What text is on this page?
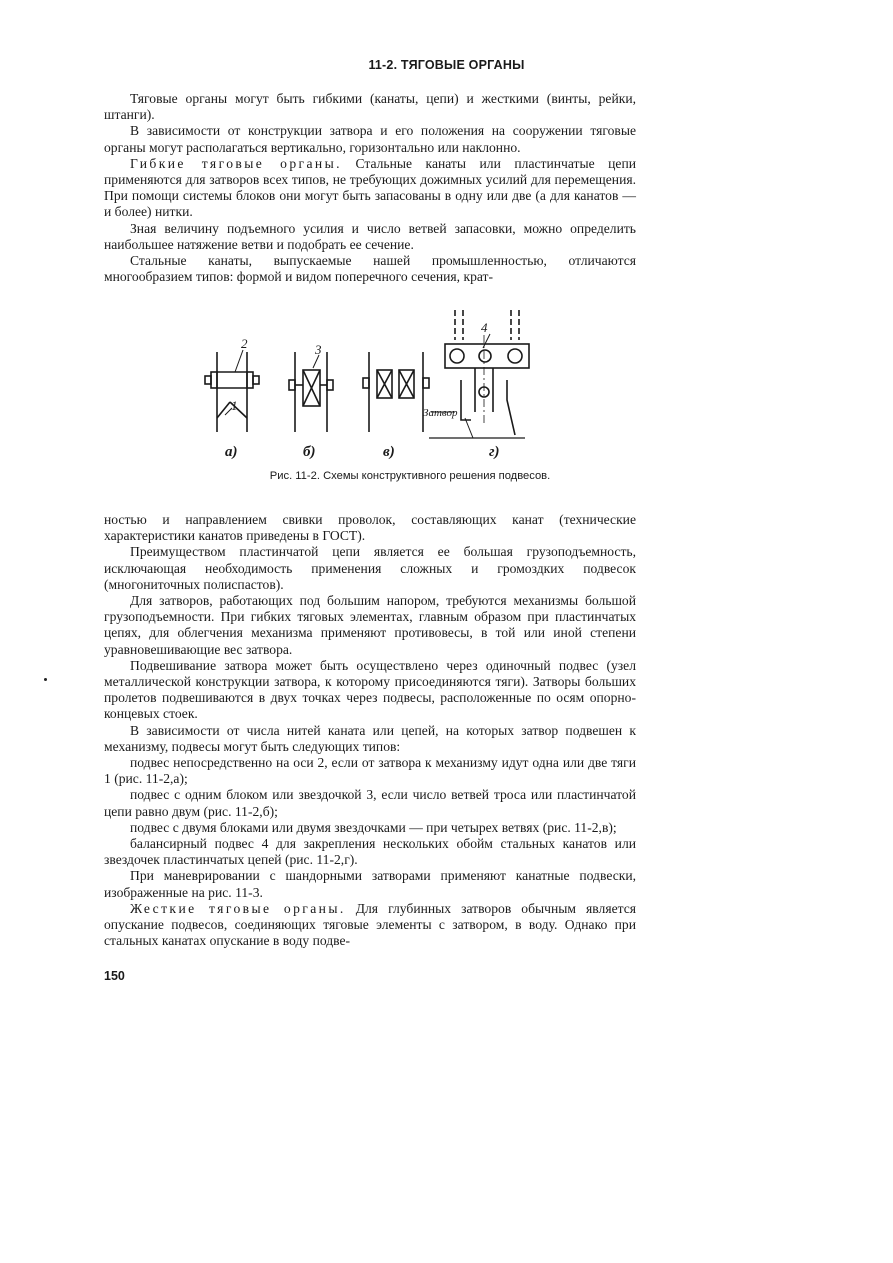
11-2. ТЯГОВЫЕ ОРГАНЫ

Тяговые органы могут быть гибкими (канаты, цепи) и жесткими (винты, рейки, штанги).

В зависимости от конструкции затвора и его положения на сооружении тяговые органы могут располагаться вертикально, горизонтально или наклонно.

Гибкие тяговые органы. Стальные канаты или пластинчатые цепи применяются для затворов всех типов, не требующих дожимных усилий для перемещения. При помощи системы блоков они могут быть запасованы в одну или две (а для канатов — и более) нитки.

Зная величину подъемного усилия и число ветвей запасовки, можно определить наибольшее натяжение ветви и подобрать ее сечение.

Стальные канаты, выпускаемые нашей промышленностью, отличаются многообразием типов: формой и видом поперечного сечения, крат-

2	3
4
1	Затвор
а)	б)	в)	г)
Рис. 11-2. Схемы конструктивного решения подвесов.

ностью и направлением свивки проволок, составляющих канат (технические характеристики канатов приведены в ГОСТ).

Преимуществом пластинчатой цепи является ее большая грузоподъемность, исключающая необходимость применения сложных и громоздких подвесок (многониточных полиспастов).

Для затворов, работающих под большим напором, требуются механизмы большой грузоподъемности. При гибких тяговых элементах, главным образом при пластинчатых цепях, для облегчения механизма применяют противовесы, в той или иной степени уравновешивающие вес затвора.

Подвешивание затвора может быть осуществлено через одиночный подвес (узел металлической конструкции затвора, к которому присоединяются тяги). Затворы больших пролетов подвешиваются в двух точках через подвесы, расположенные по осям опорно-концевых стоек.

В зависимости от числа нитей каната или цепей, на которых затвор подвешен к механизму, подвесы могут быть следующих типов:

подвес непосредственно на оси 2, если от затвора к механизму идут одна или две тяги 1 (рис. 11-2,а);

подвес с одним блоком или звездочкой 3, если число ветвей троса или пластинчатой цепи равно двум (рис. 11-2,б);

подвес с двумя блоками или двумя звездочками — при четырех ветвях (рис. 11-2,в);

балансирный подвес 4 для закрепления нескольких обойм стальных канатов или звездочек пластинчатых цепей (рис. 11-2,г).

При маневрировании с шандорными затворами применяют канатные подвески, изображенные на рис. 11-3.

Жесткие тяговые органы. Для глубинных затворов обычным является опускание подвесов, соединяющих тяговые элементы с затвором, в воду. Однако при стальных канатах опускание в воду подве-

150
